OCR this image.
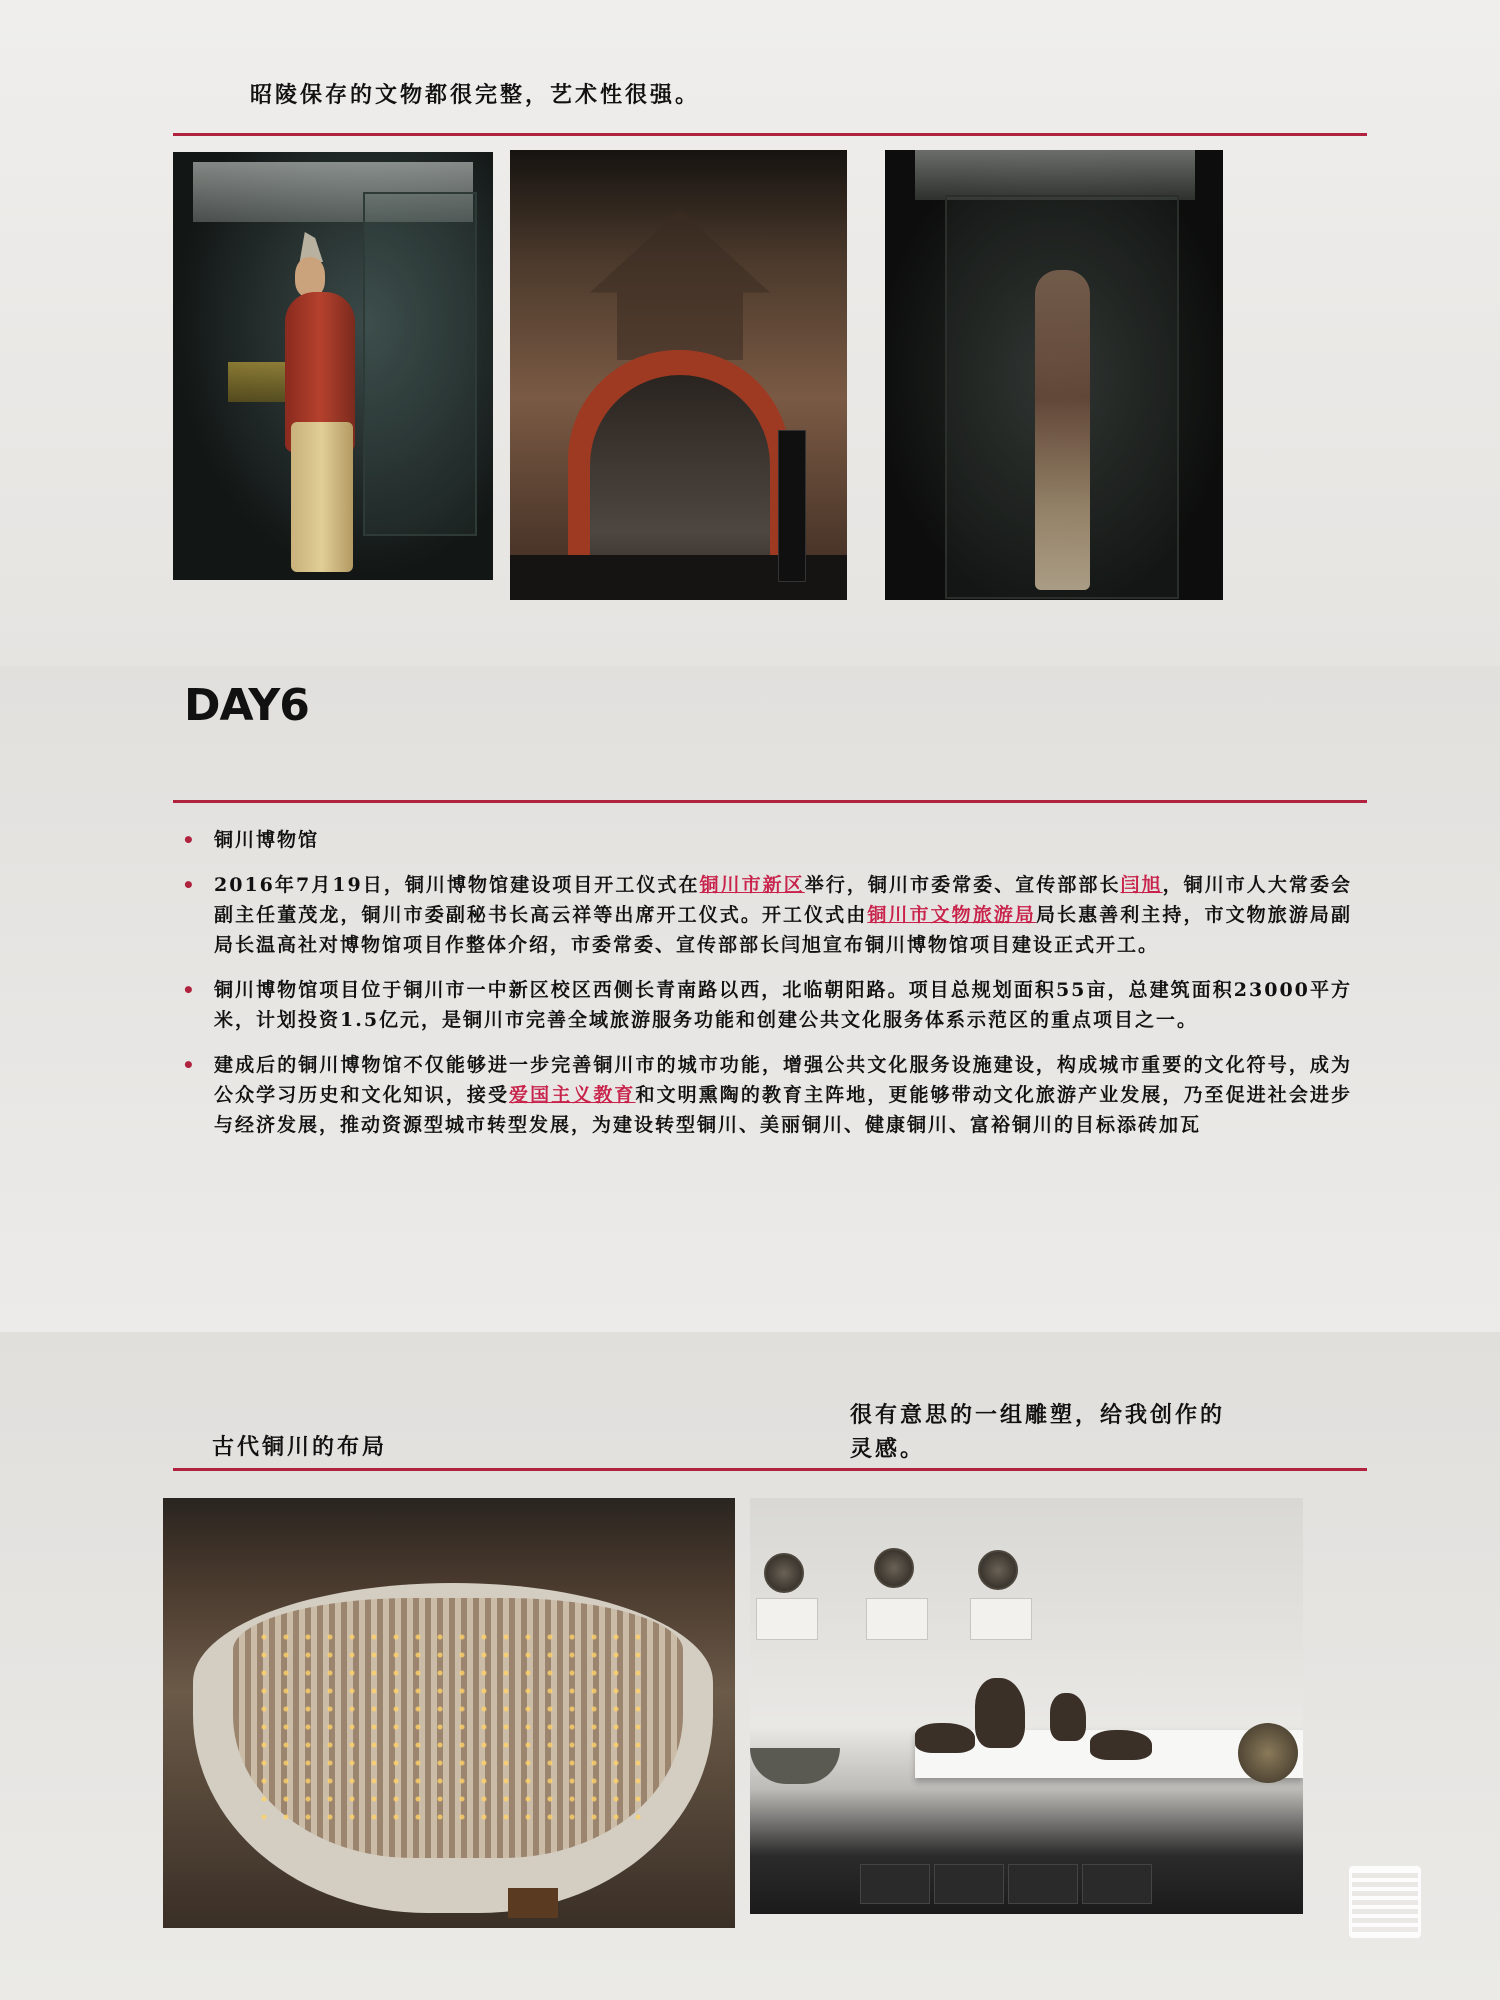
昭陵保存的文物都很完整，艺术性很强。
DAY6
• 铜川博物馆
• 2016年7月19日，铜川博物馆建设项目开工仪式在铜川市新区举行，铜川市委常委、宣传部部长闫旭，铜川市人大常委会副主任董茂龙，铜川市委副秘书长高云祥等出席开工仪式。开工仪式由铜川市文物旅游局局长惠善利主持，市文物旅游局副局长温高社对博物馆项目作整体介绍，市委常委、宣传部部长闫旭宣布铜川博物馆项目建设正式开工。
• 铜川博物馆项目位于铜川市一中新区校区西侧长青南路以西，北临朝阳路。项目总规划面积55亩，总建筑面积23000平方米，计划投资1.5亿元，是铜川市完善全域旅游服务功能和创建公共文化服务体系示范区的重点项目之一。
• 建成后的铜川博物馆不仅能够进一步完善铜川市的城市功能，增强公共文化服务设施建设，构成城市重要的文化符号，成为公众学习历史和文化知识，接受爱国主义教育和文明熏陶的教育主阵地，更能够带动文化旅游产业发展，乃至促进社会进步与经济发展，推动资源型城市转型发展，为建设转型铜川、美丽铜川、健康铜川、富裕铜川的目标添砖加瓦
古代铜川的布局
很有意思的一组雕塑，给我创作的灵感。
